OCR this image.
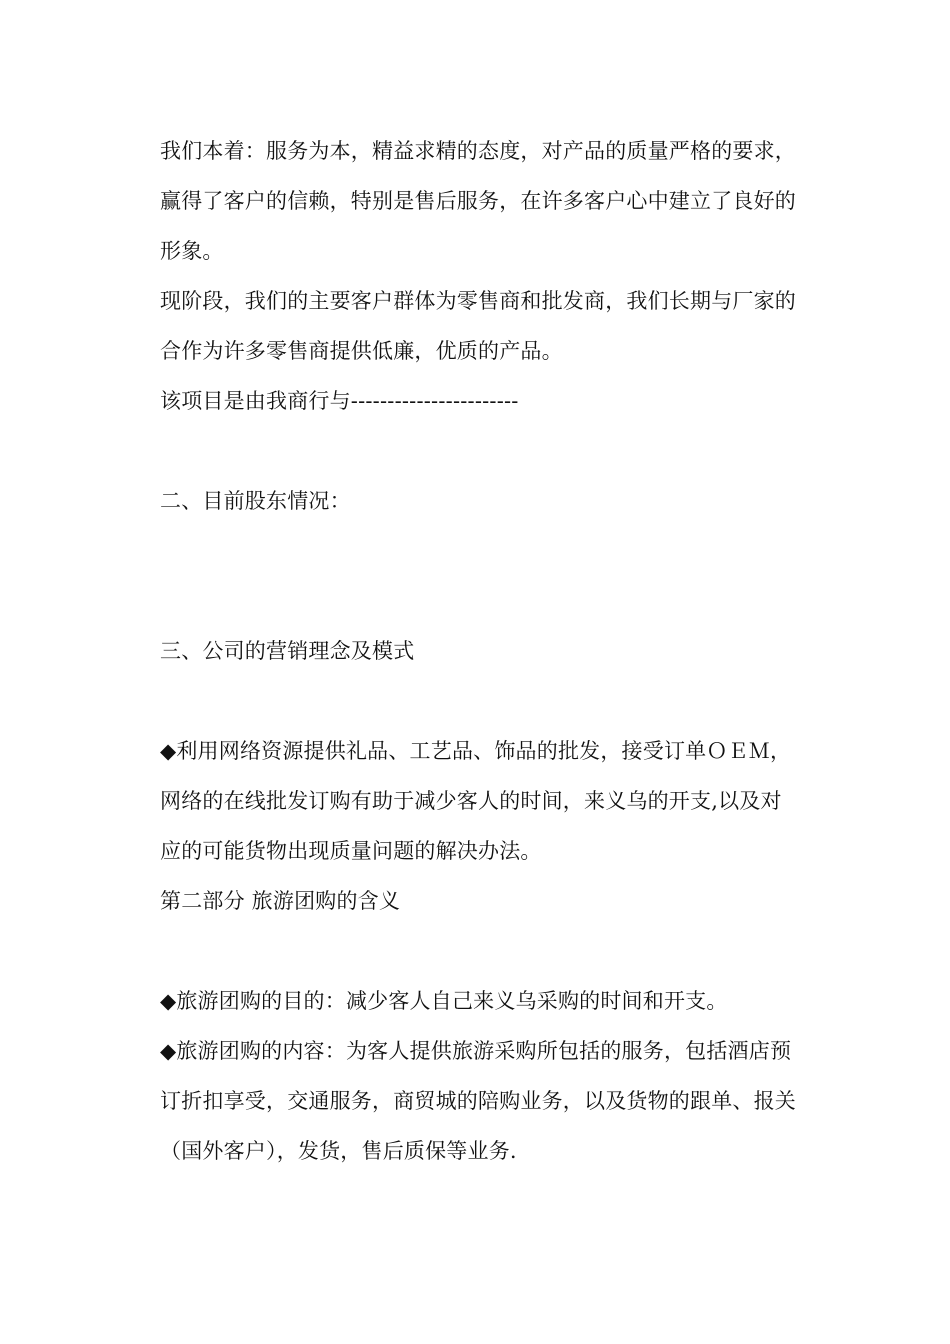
我们本着：服务为本，精益求精的态度，对产品的质量严格的要求，
赢得了客户的信赖，特别是售后服务，在许多客户心中建立了良好的
形象。
现阶段，我们的主要客户群体为零售商和批发商，我们长期与厂家的
合作为许多零售商提供低廉，优质的产品。
该项目是由我商行与-----------------------
二、目前股东情况：
三、公司的营销理念及模式
◆利用网络资源提供礼品、工艺品、饰品的批发，接受订单ＯＥＭ，
网络的在线批发订购有助于减少客人的时间，来义乌的开支,以及对
应的可能货物出现质量问题的解决办法。
第二部分 旅游团购的含义
◆旅游团购的目的：减少客人自己来义乌采购的时间和开支。
◆旅游团购的内容：为客人提供旅游采购所包括的服务，包括酒店预
订折扣享受，交通服务，商贸城的陪购业务，以及货物的跟单、报关
（国外客户），发货，售后质保等业务.
